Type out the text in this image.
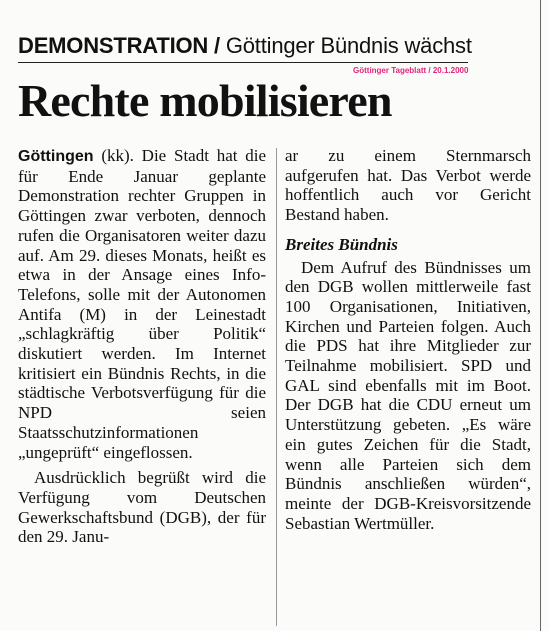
DEMONSTRATION / Göttinger Bündnis wächst
Göttinger Tageblatt / 20.1.2000
Rechte mobilisieren

Göttingen (kk). Die Stadt hat die für Ende Januar geplante Demonstration rechter Gruppen in Göttingen zwar verboten, dennoch rufen die Organisatoren weiter dazu auf. Am 29. dieses Monats, heißt es etwa in der Ansage eines Info-Telefons, solle mit der Autonomen Antifa (M) in der Leinestadt „schlagkräftig über Politik“ diskutiert werden. Im Internet kritisiert ein Bündnis Rechts, in die städtische Verbotsverfügung für die NPD seien Staatsschutzinformationen „ungeprüft“ eingeflossen.

Ausdrücklich begrüßt wird die Verfügung vom Deutschen Gewerkschaftsbund (DGB), der für den 29. Janu-

ar zu einem Sternmarsch aufgerufen hat. Das Verbot werde hoffentlich auch vor Gericht Bestand haben.

Breites Bündnis

Dem Aufruf des Bündnisses um den DGB wollen mittlerweile fast 100 Organisationen, Initiativen, Kirchen und Parteien folgen. Auch die PDS hat ihre Mitglieder zur Teilnahme mobilisiert. SPD und GAL sind ebenfalls mit im Boot. Der DGB hat die CDU erneut um Unterstützung gebeten. „Es wäre ein gutes Zeichen für die Stadt, wenn alle Parteien sich dem Bündnis anschließen würden“, meinte der DGB-Kreisvorsitzende Sebastian Wertmüller.
